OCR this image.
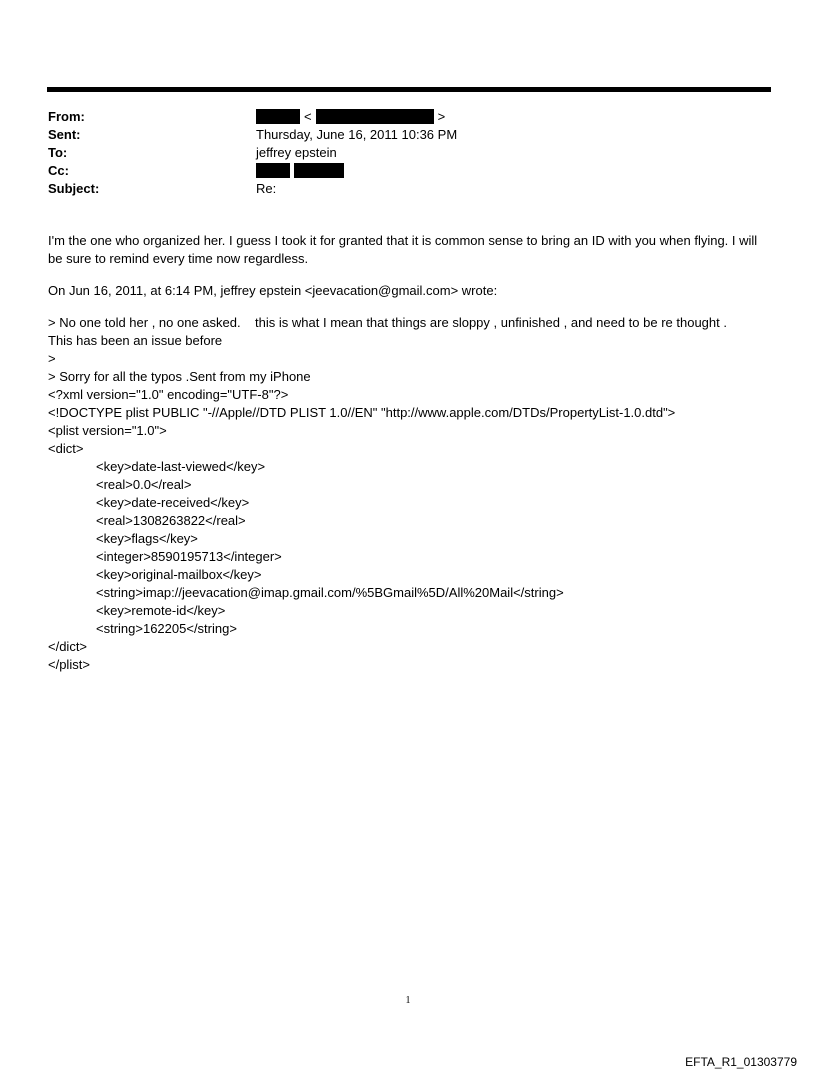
From:	<	>
Sent:	Thursday, June 16, 2011 10:36 PM
To:	jeffrey epstein
Cc:

Subject:	Re:

I'm the one who organized her. I guess I took it for granted that it is common sense to bring an ID with you when flying. I will be sure to remind every time now regardless.

On Jun 16, 2011, at 6:14 PM, jeffrey epstein <jeevacation@gmail.com> wrote:

> No one told her , no one asked.    this is what I mean that things are sloppy , unfinished , and need to be re thought .

This has been an issue before

>

> Sorry for all the typos .Sent from my iPhone

<?xml version="1.0" encoding="UTF-8"?>

<!DOCTYPE plist PUBLIC "-//Apple//DTD PLIST 1.0//EN" "http://www.apple.com/DTDs/PropertyList-1.0.dtd">

<plist version="1.0">

<dict>

<key>date-last-viewed</key>

<real>0.0</real>

<key>date-received</key>

<real>1308263822</real>

<key>flags</key>

<integer>8590195713</integer>

<key>original-mailbox</key>

<string>imap://jeevacation@imap.gmail.com/%5BGmail%5D/All%20Mail</string>

<key>remote-id</key>

<string>162205</string>

</dict>

</plist>

1
EFTA_R1_01303779
